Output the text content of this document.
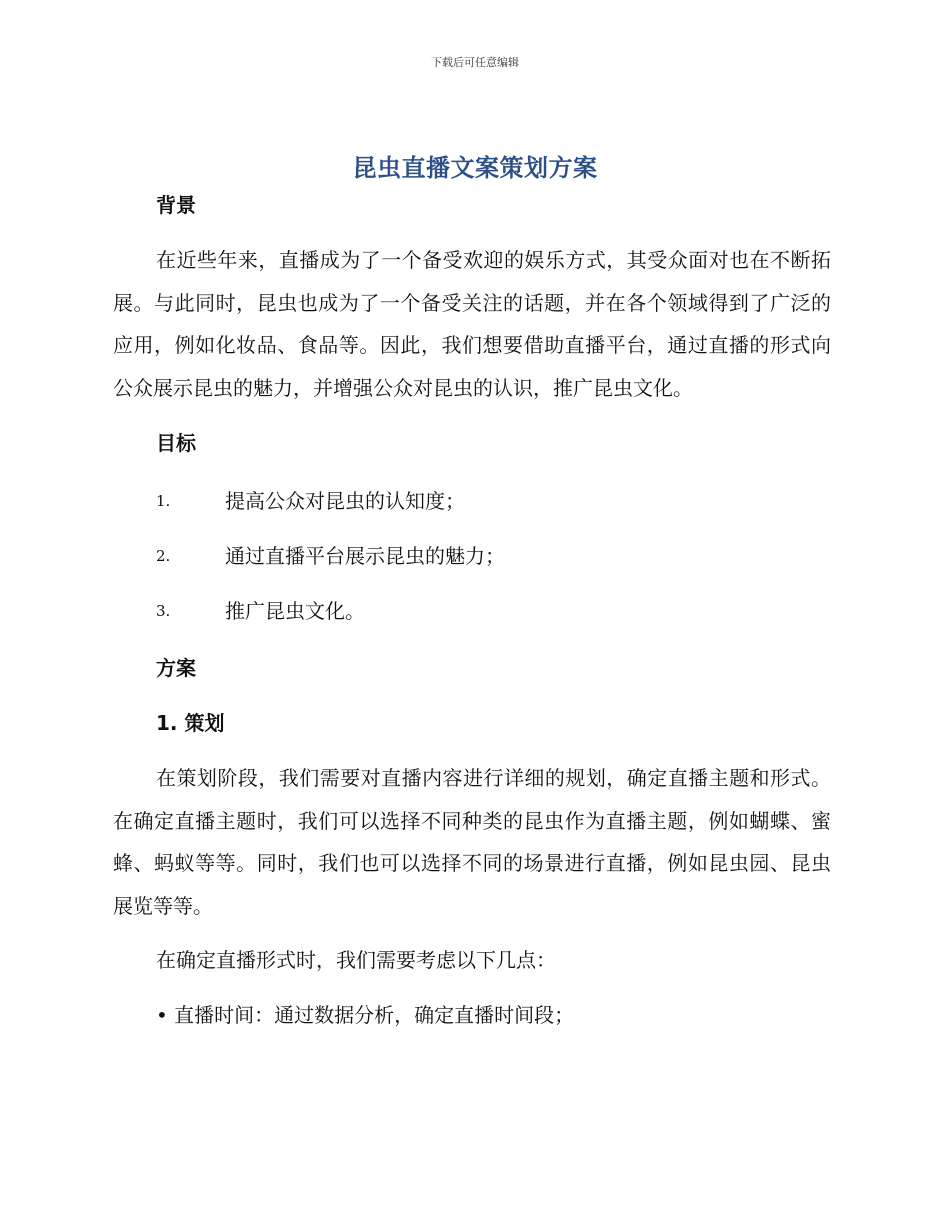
下载后可任意编辑
昆虫直播文案策划方案
背景

在近些年来，直播成为了一个备受欢迎的娱乐方式，其受众面对也在不断拓展。与此同时，昆虫也成为了一个备受关注的话题，并在各个领域得到了广泛的应用，例如化妆品、食品等。因此，我们想要借助直播平台，通过直播的形式向公众展示昆虫的魅力，并增强公众对昆虫的认识，推广昆虫文化。

目标
1.	提高公众对昆虫的认知度；
2.	通过直播平台展示昆虫的魅力；
3.	推广昆虫文化。
方案
1. 策划

在策划阶段，我们需要对直播内容进行详细的规划，确定直播主题和形式。在确定直播主题时，我们可以选择不同种类的昆虫作为直播主题，例如蝴蝶、蜜蜂、蚂蚁等等。同时，我们也可以选择不同的场景进行直播，例如昆虫园、昆虫展览等等。

在确定直播形式时，我们需要考虑以下几点：

• 直播时间：通过数据分析，确定直播时间段；
